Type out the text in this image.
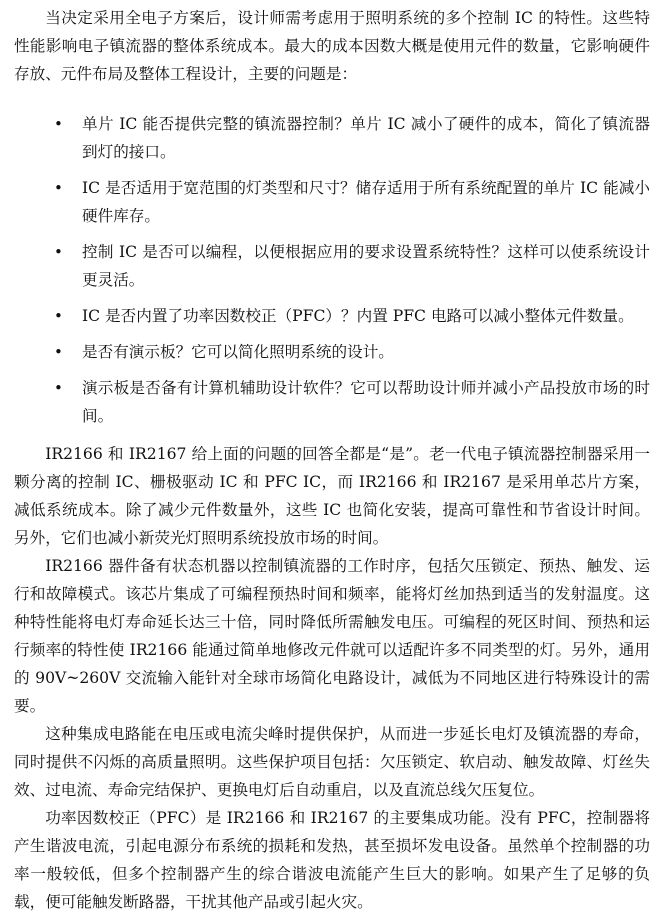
当决定采用全电子方案后，设计师需考虑用于照明系统的多个控制 IC 的特性。这些特性能影响电子镇流器的整体系统成本。最大的成本因数大概是使用元件的数量，它影响硬件存放、元件布局及整体工程设计，主要的问题是：

• 单片 IC 能否提供完整的镇流器控制？单片 IC 减小了硬件的成本，简化了镇流器到灯的接口。
• IC 是否适用于宽范围的灯类型和尺寸？储存适用于所有系统配置的单片 IC 能减小硬件库存。
• 控制 IC 是否可以编程，以便根据应用的要求设置系统特性？这样可以使系统设计更灵活。
• IC 是否内置了功率因数校正（PFC）？内置 PFC 电路可以减小整体元件数量。
• 是否有演示板？它可以简化照明系统的设计。
• 演示板是否备有计算机辅助设计软件？它可以帮助设计师并减小产品投放市场的时间。

IR2166 和 IR2167 给上面的问题的回答全都是“是”。老一代电子镇流器控制器采用一颗分离的控制 IC、栅极驱动 IC 和 PFC IC，而 IR2166 和 IR2167 是采用单芯片方案，减低系统成本。除了减少元件数量外，这些 IC 也简化安装，提高可靠性和节省设计时间。另外，它们也减小新荧光灯照明系统投放市场的时间。

IR2166 器件备有状态机器以控制镇流器的工作时序，包括欠压锁定、预热、触发、运行和故障模式。该芯片集成了可编程预热时间和频率，能将灯丝加热到适当的发射温度。这种特性能将电灯寿命延长达三十倍，同时降低所需触发电压。可编程的死区时间、预热和运行频率的特性使 IR2166 能通过简单地修改元件就可以适配许多不同类型的灯。另外，通用的 90V~260V 交流输入能针对全球市场简化电路设计，减低为不同地区进行特殊设计的需要。

这种集成电路能在电压或电流尖峰时提供保护，从而进一步延长电灯及镇流器的寿命，同时提供不闪烁的高质量照明。这些保护项目包括：欠压锁定、软启动、触发故障、灯丝失效、过电流、寿命完结保护、更换电灯后自动重启，以及直流总线欠压复位。

功率因数校正（PFC）是 IR2166 和 IR2167 的主要集成功能。没有 PFC，控制器将产生谐波电流，引起电源分布系统的损耗和发热，甚至损坏发电设备。虽然单个控制器的功率一般较低，但多个控制器产生的综合谐波电流能产生巨大的影响。如果产生了足够的负载，便可能触发断路器，干扰其他产品或引起火灾。
